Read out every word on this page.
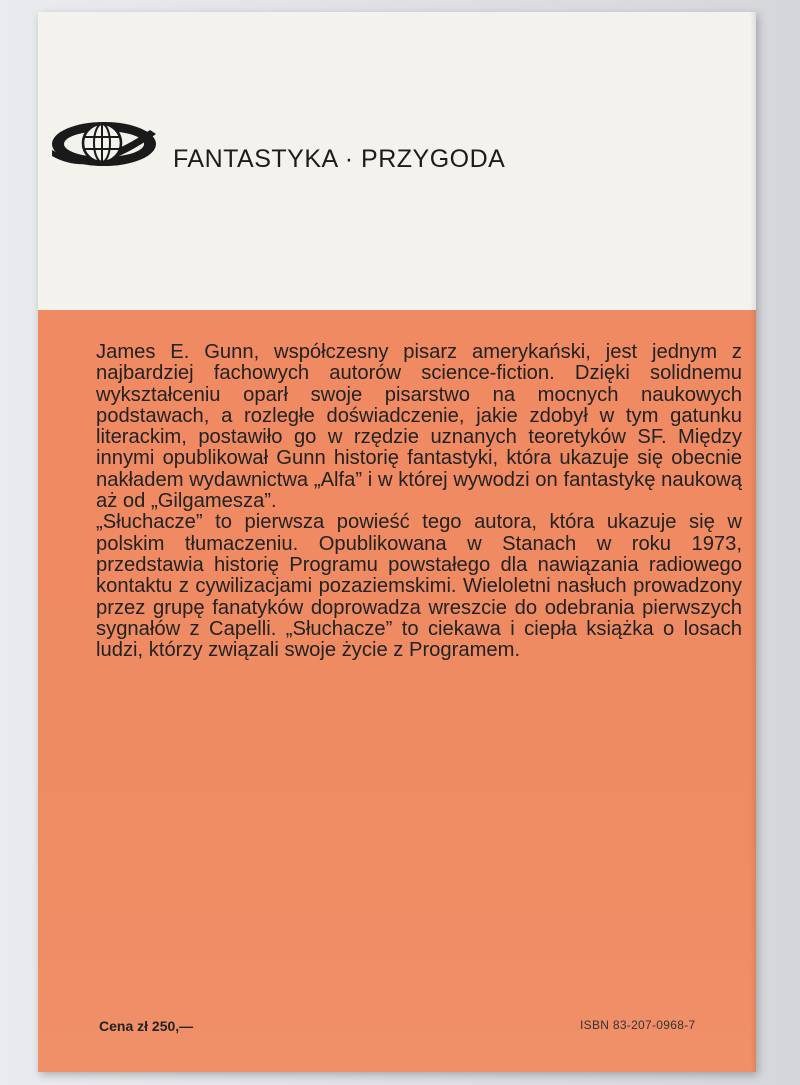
FANTASTYKA · PRZYGODA

James E. Gunn, współczesny pisarz amerykański, jest jednym z najbardziej fachowych autorów science-fiction. Dzięki solidnemu wykształceniu oparł swoje pisarstwo na mocnych naukowych podstawach, a rozległe doświadczenie, jakie zdobył w tym gatunku literackim, postawiło go w rzędzie uznanych teoretyków SF. Między innymi opublikował Gunn historię fantastyki, która ukazuje się obecnie nakładem wydawnictwa „Alfa” i w której wywodzi on fantastykę naukową aż od „Gilgamesza”.

„Słuchacze” to pierwsza powieść tego autora, która ukazuje się w polskim tłumaczeniu. Opublikowana w Stanach w roku 1973, przedstawia historię Programu powstałego dla nawiązania radiowego kontaktu z cywilizacjami pozaziemskimi. Wieloletni nasłuch prowadzony przez grupę fanatyków doprowadza wreszcie do odebrania pierwszych sygnałów z Capelli. „Słuchacze” to ciekawa i ciepła książka o losach ludzi, którzy związali swoje życie z Programem.

Cena zł 250,—	ISBN 83-207-0968-7
